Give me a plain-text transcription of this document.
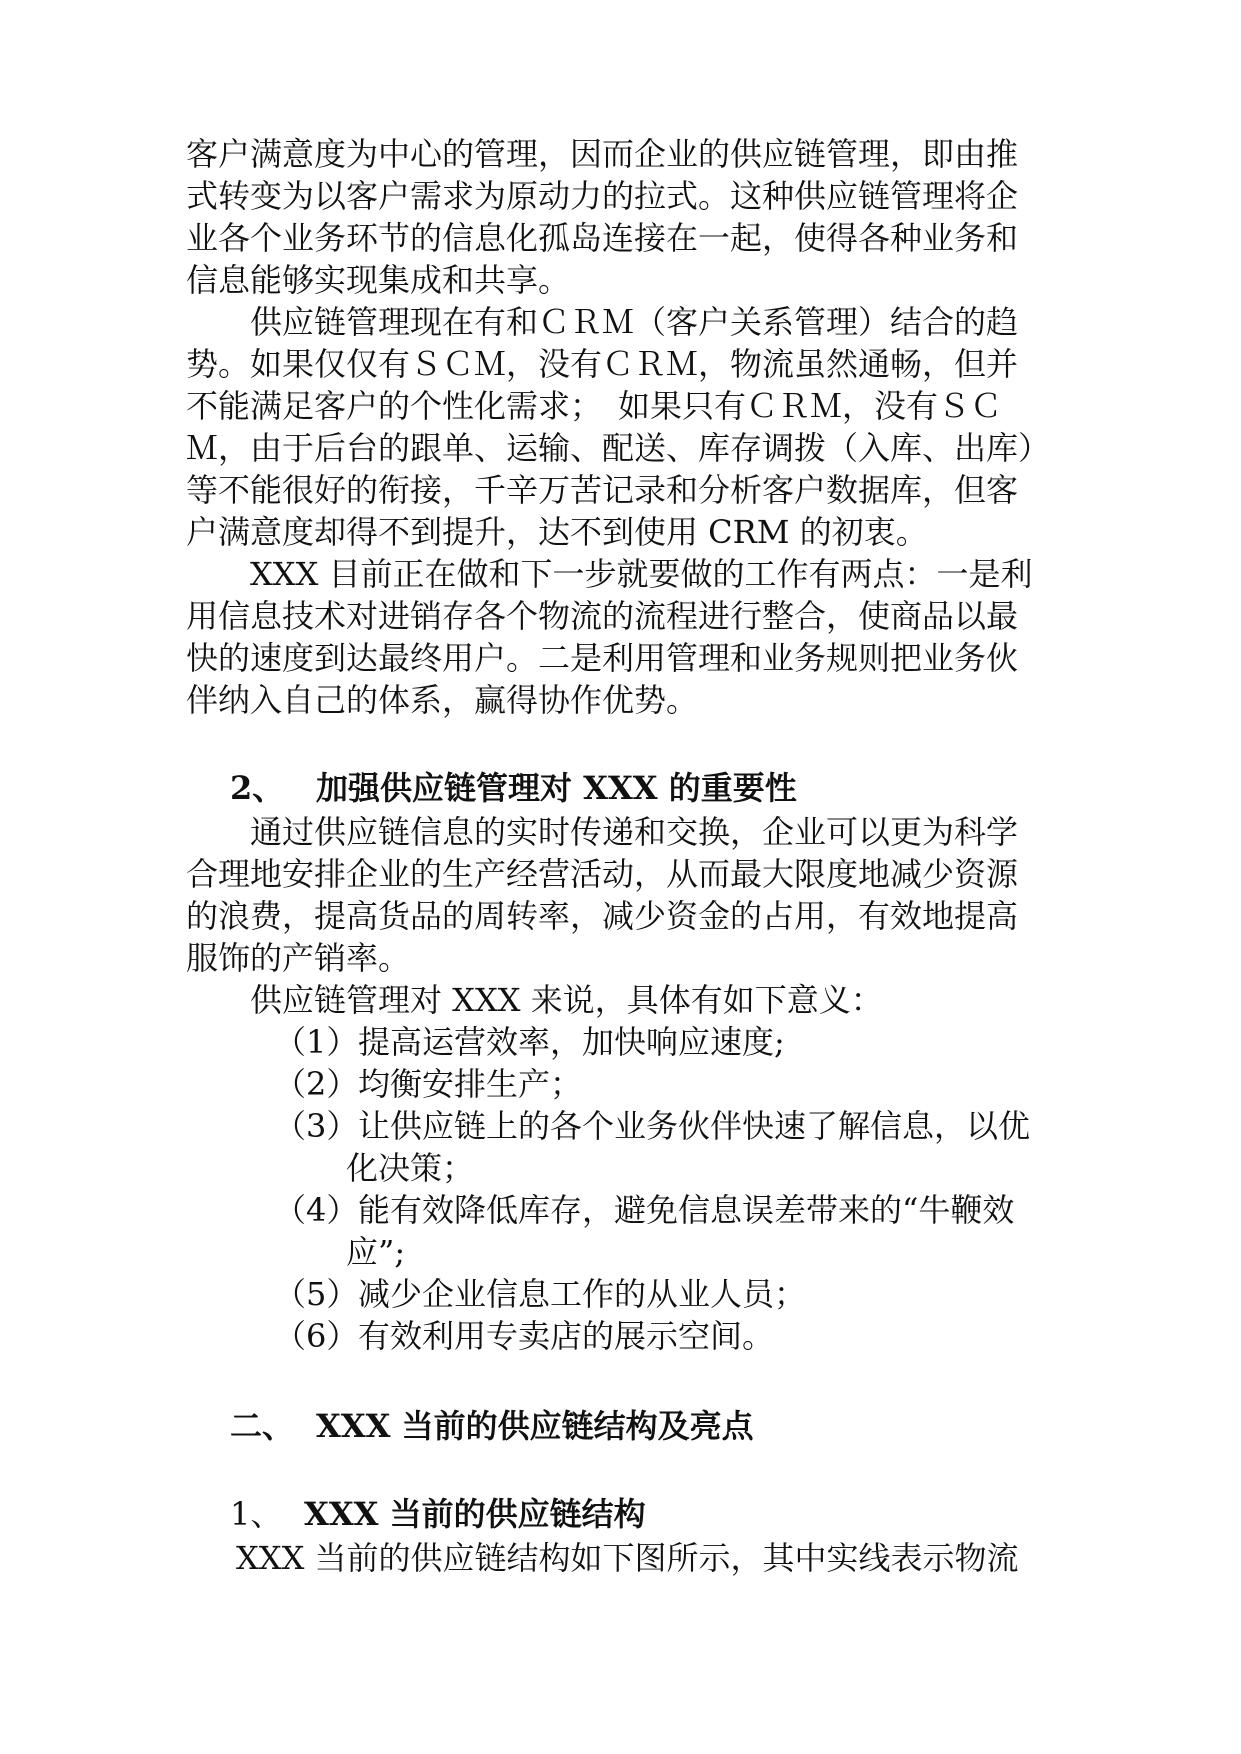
客户满意度为中心的管理，因而企业的供应链管理，即由推
式转变为以客户需求为原动力的拉式。这种供应链管理将企
业各个业务环节的信息化孤岛连接在一起，使得各种业务和
信息能够实现集成和共享。
供应链管理现在有和ＣＲＭ（客户关系管理）结合的趋
势。如果仅仅有ＳＣＭ，没有ＣＲＭ，物流虽然通畅，但并
不能满足客户的个性化需求；　如果只有ＣＲＭ，没有ＳＣ
Ｍ，由于后台的跟单、运输、配送、库存调拨（入库、出库）
等不能很好的衔接，千辛万苦记录和分析客户数据库，但客
户满意度却得不到提升，达不到使用 CRM 的初衷。
XXX 目前正在做和下一步就要做的工作有两点：一是利
用信息技术对进销存各个物流的流程进行整合，使商品以最
快的速度到达最终用户。二是利用管理和业务规则把业务伙
伴纳入自己的体系，赢得协作优势。
2、 加强供应链管理对 XXX 的重要性
通过供应链信息的实时传递和交换，企业可以更为科学
合理地安排企业的生产经营活动，从而最大限度地减少资源
的浪费，提高货品的周转率，减少资金的占用，有效地提高
服饰的产销率。
供应链管理对 XXX 来说，具体有如下意义：
（1） 提高运营效率，加快响应速度;
（2） 均衡安排生产；
（3） 让供应链上的各个业务伙伴快速了解信息，以优
化决策；
（4） 能有效降低库存，避免信息误差带来的“牛鞭效
应”;
（5） 减少企业信息工作的从业人员；
（6） 有效利用专卖店的展示空间。
二、 XXX 当前的供应链结构及亮点
1、 XXX 当前的供应链结构
XXX 当前的供应链结构如下图所示，其中实线表示物流
